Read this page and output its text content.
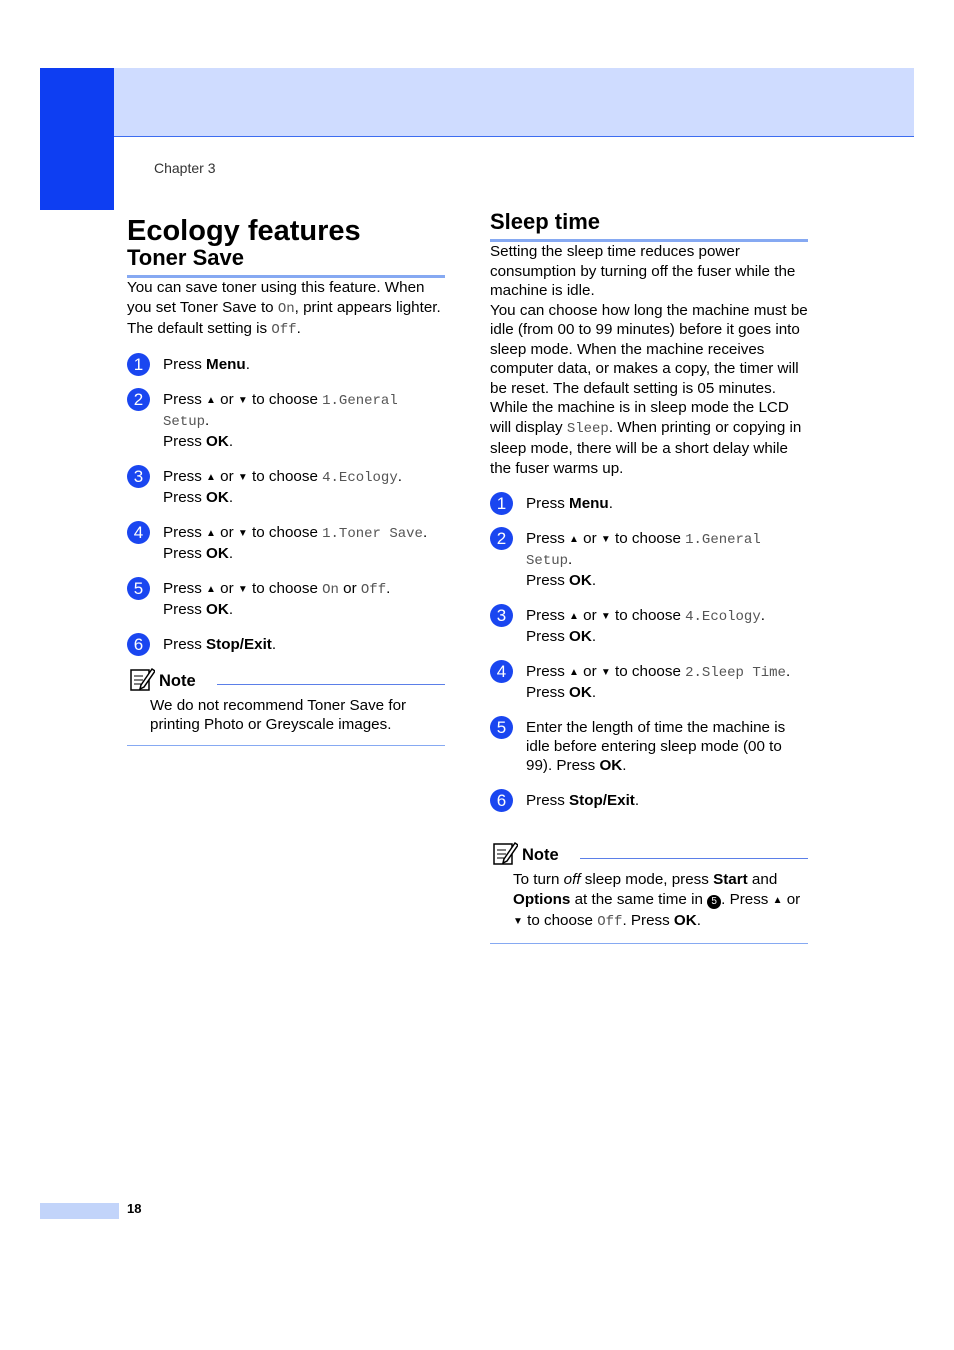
Chapter 3
Ecology features
Toner Save

You can save toner using this feature. When you set Toner Save to On, print appears lighter. The default setting is Off.

1	Press Menu.
2	Press ▲ or ▼ to choose 1.General Setup.
Press OK.
3	Press ▲ or ▼ to choose 4.Ecology.
Press OK.
4	Press ▲ or ▼ to choose 1.Toner Save.
Press OK.
5	Press ▲ or ▼ to choose On or Off.
Press OK.
6	Press Stop/Exit.
Note
We do not recommend Toner Save for printing Photo or Greyscale images.
Sleep time

Setting the sleep time reduces power consumption by turning off the fuser while the machine is idle.

You can choose how long the machine must be idle (from 00 to 99 minutes) before it goes into sleep mode. When the machine receives computer data, or makes a copy, the timer will be reset. The default setting is 05 minutes.

While the machine is in sleep mode the LCD will display Sleep. When printing or copying in sleep mode, there will be a short delay while the fuser warms up.

1	Press Menu.
2	Press ▲ or ▼ to choose 1.General Setup.
Press OK.
3	Press ▲ or ▼ to choose 4.Ecology.
Press OK.
4	Press ▲ or ▼ to choose 2.Sleep Time.
Press OK.
5	Enter the length of time the machine is idle before entering sleep mode (00 to 99). Press OK.
6	Press Stop/Exit.
Note
To turn off sleep mode, press Start and Options at the same time in 5 . Press ▲ or ▼ to choose Off. Press OK.
18
